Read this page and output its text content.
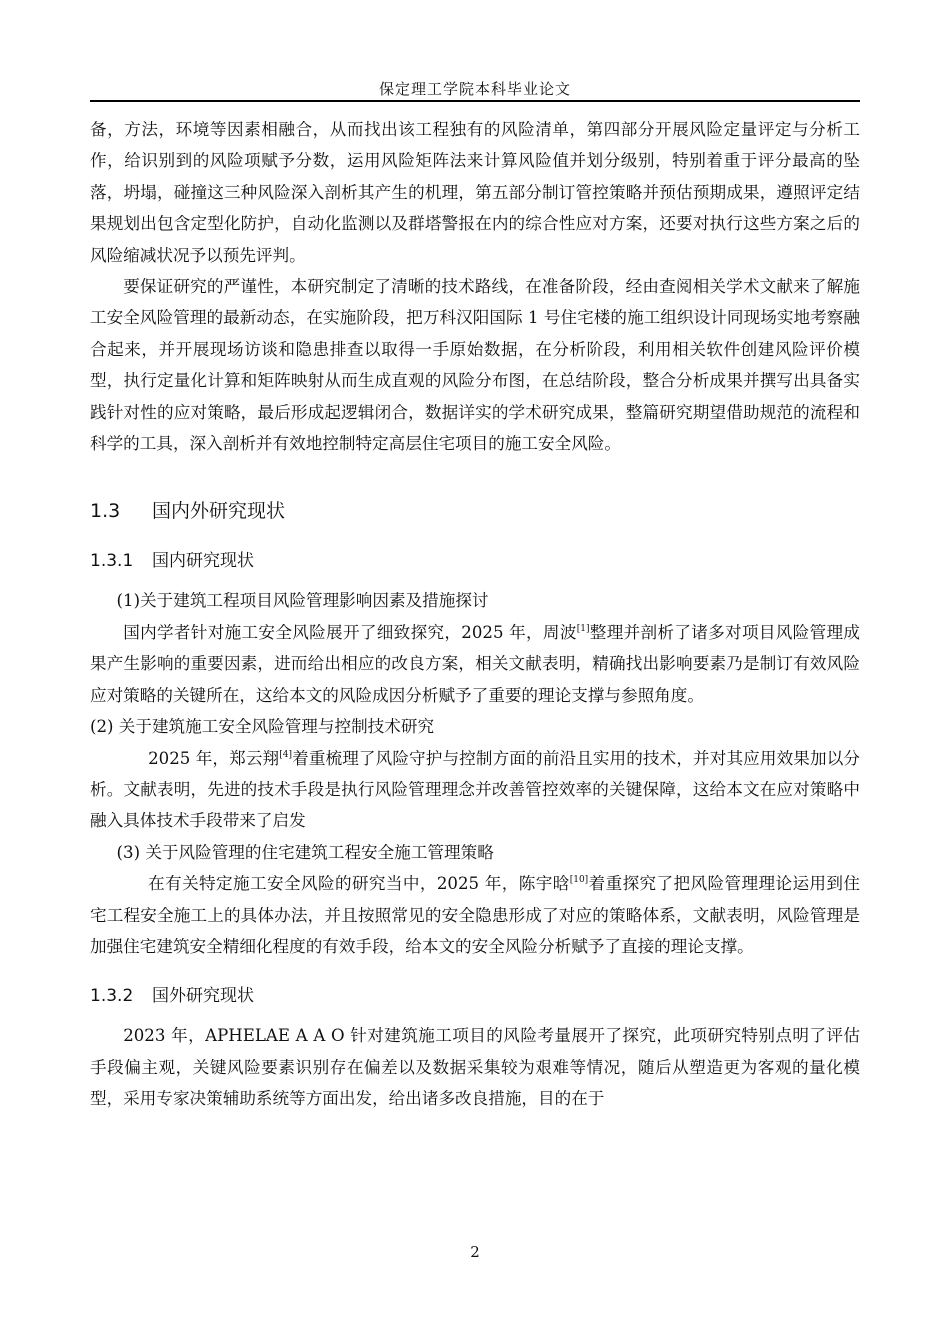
保定理工学院本科毕业论文

备，方法，环境等因素相融合，从而找出该工程独有的风险清单，第四部分开展风险定量评定与分析工作，给识别到的风险项赋予分数，运用风险矩阵法来计算风险值并划分级别，特别着重于评分最高的坠落，坍塌，碰撞这三种风险深入剖析其产生的机理，第五部分制订管控策略并预估预期成果，遵照评定结果规划出包含定型化防护，自动化监测以及群塔警报在内的综合性应对方案，还要对执行这些方案之后的风险缩减状况予以预先评判。

要保证研究的严谨性，本研究制定了清晰的技术路线，在准备阶段，经由查阅相关学术文献来了解施工安全风险管理的最新动态，在实施阶段，把万科汉阳国际 1 号住宅楼的施工组织设计同现场实地考察融合起来，并开展现场访谈和隐患排查以取得一手原始数据，在分析阶段，利用相关软件创建风险评价模型，执行定量化计算和矩阵映射从而生成直观的风险分布图，在总结阶段，整合分析成果并撰写出具备实践针对性的应对策略，最后形成起逻辑闭合，数据详实的学术研究成果，整篇研究期望借助规范的流程和科学的工具，深入剖析并有效地控制特定高层住宅项目的施工安全风险。

1.3 国内外研究现状
1.3.1 国内研究现状

(1)关于建筑工程项目风险管理影响因素及措施探讨

国内学者针对施工安全风险展开了细致探究，2025 年，周波[1]整理并剖析了诸多对项目风险管理成果产生影响的重要因素，进而给出相应的改良方案，相关文献表明，精确找出影响要素乃是制订有效风险应对策略的关键所在，这给本文的风险成因分析赋予了重要的理论支撑与参照角度。

(2) 关于建筑施工安全风险管理与控制技术研究

2025 年，郑云翔[4]着重梳理了风险守护与控制方面的前沿且实用的技术，并对其应用效果加以分析。文献表明，先进的技术手段是执行风险管理理念并改善管控效率的关键保障，这给本文在应对策略中融入具体技术手段带来了启发

(3) 关于风险管理的住宅建筑工程安全施工管理策略

在有关特定施工安全风险的研究当中，2025 年，陈宇晗[10]着重探究了把风险管理理论运用到住宅工程安全施工上的具体办法，并且按照常见的安全隐患形成了对应的策略体系，文献表明，风险管理是加强住宅建筑安全精细化程度的有效手段，给本文的安全风险分析赋予了直接的理论支撑。

1.3.2 国外研究现状

2023 年，APHELAE A A O 针对建筑施工项目的风险考量展开了探究，此项研究特别点明了评估手段偏主观，关键风险要素识别存在偏差以及数据采集较为艰难等情况，随后从塑造更为客观的量化模型，采用专家决策辅助系统等方面出发，给出诸多改良措施，目的在于

2
